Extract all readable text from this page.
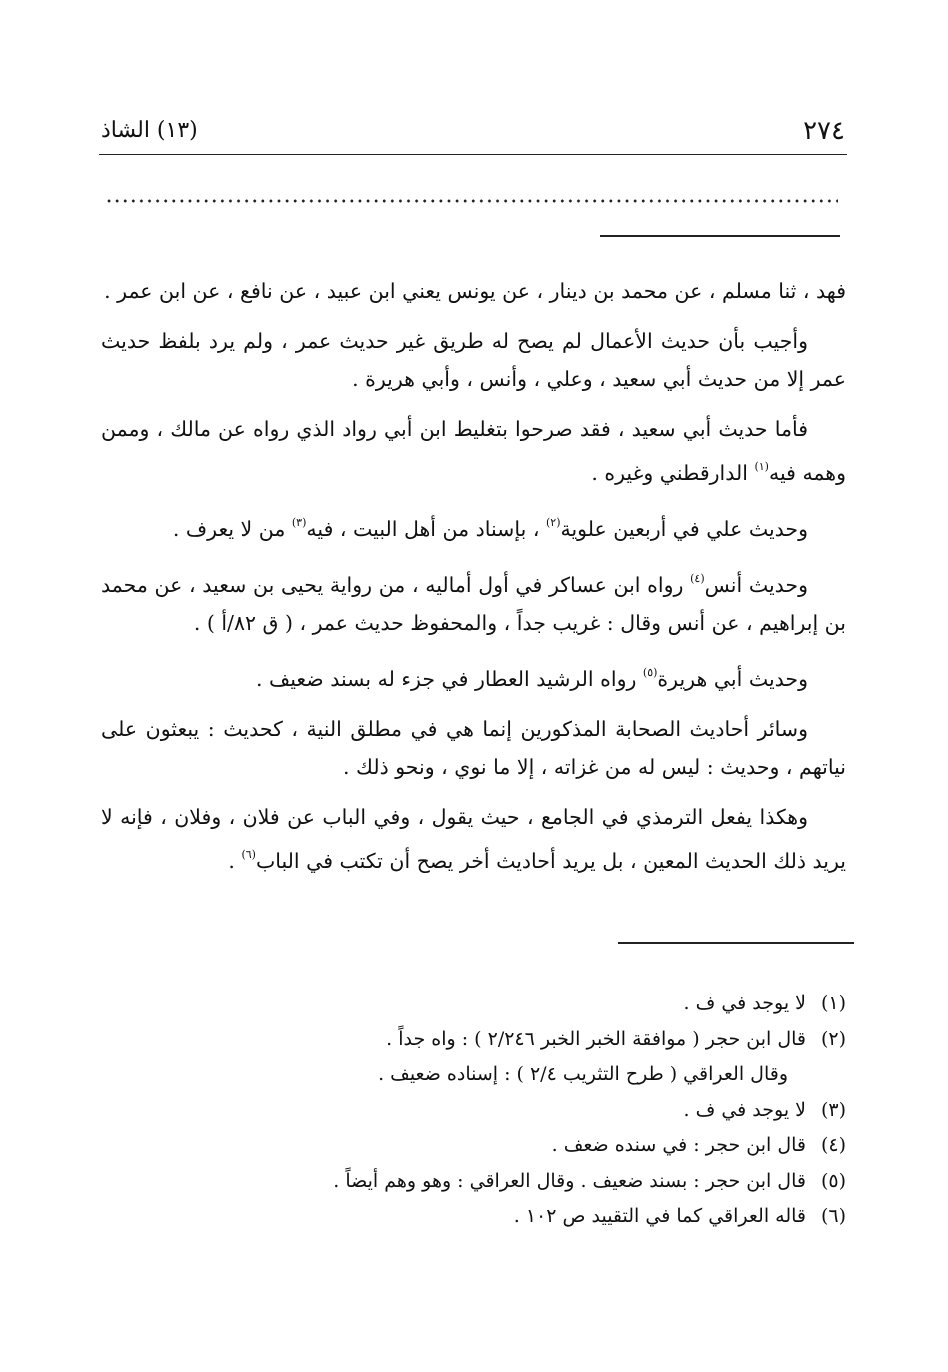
٢٧٤
(١٣) الشاذ

فهد ، ثنا مسلم ، عن محمد بن دينار ، عن يونس يعني ابن عبيد ، عن نافع ، عن ابن عمر .

وأجيب بأن حديث الأعمال لم يصح له طريق غير حديث عمر ، ولم يرد بلفظ حديث عمر إلا من حديث أبي سعيد ، وعلي ، وأنس ، وأبي هريرة .

فأما حديث أبي سعيد ، فقد صرحوا بتغليط ابن أبي رواد الذي رواه عن مالك ، وممن وهمه فيه$^{(١)}$ الدارقطني وغيره .

وحديث علي في أربعين علوية$^{(٢)}$ ، بإسناد من أهل البيت ، فيه$^{(٣)}$ من لا يعرف .

وحديث أنس$^{(٤)}$ رواه ابن عساكر في أول أماليه ، من رواية يحيى بن سعيد ، عن محمد بن إبراهيم ، عن أنس وقال : غريب جداً ، والمحفوظ حديث عمر ، ( ق ٨٢/أ ) .

وحديث أبي هريرة$^{(٥)}$ رواه الرشيد العطار في جزء له بسند ضعيف .

وسائر أحاديث الصحابة المذكورين إنما هي في مطلق النية ، كحديث : يبعثون على نياتهم ، وحديث : ليس له من غزاته ، إلا ما نوي ، ونحو ذلك .

وهكذا يفعل الترمذي في الجامع ، حيث يقول ، وفي الباب عن فلان ، وفلان ، فإنه لا يريد ذلك الحديث المعين ، بل يريد أحاديث أخر يصح أن تكتب في الباب$^{(٦)}$ .

(١)لا يوجد في ف .
(٢)قال ابن حجر ( موافقة الخبر الخبر ٢/٢٤٦ ) : واه جداً .
وقال العراقي ( طرح التثريب ٢/٤ ) : إسناده ضعيف .
(٣)لا يوجد في ف .
(٤)قال ابن حجر : في سنده ضعف .
(٥)قال ابن حجر : بسند ضعيف . وقال العراقي : وهو وهم أيضاً .
(٦)قاله العراقي كما في التقييد ص ١٠٢ .
